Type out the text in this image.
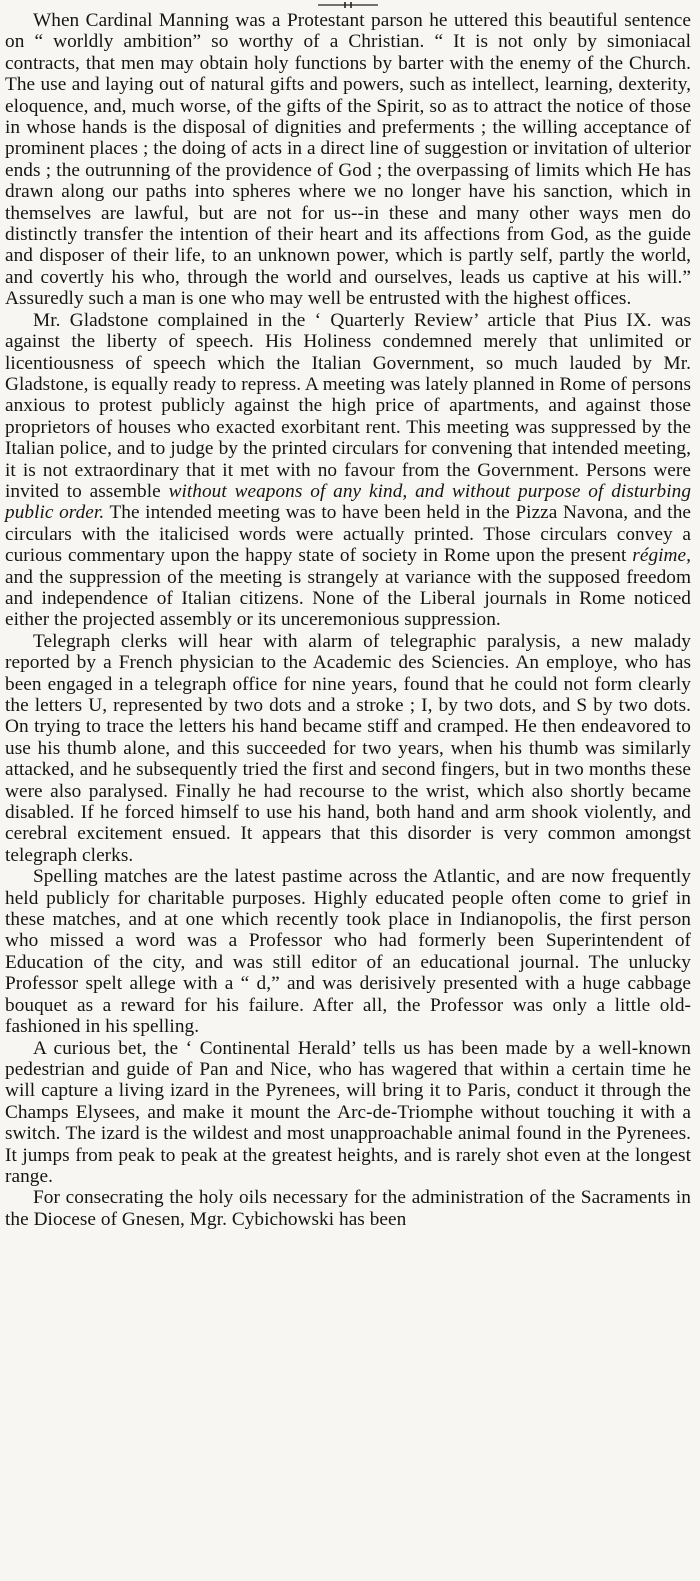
When Cardinal Manning was a Protestant parson he uttered this beautiful sentence on “ worldly ambition” so worthy of a Christian. “ It is not only by simoniacal contracts, that men may obtain holy functions by barter with the enemy of the Church. The use and laying out of natural gifts and powers, such as intellect, learning, dexterity, eloquence, and, much worse, of the gifts of the Spirit, so as to attract the notice of those in whose hands is the disposal of dignities and preferments ; the willing acceptance of prominent places ; the doing of acts in a direct line of suggestion or invitation of ulterior ends ; the outrunning of the providence of God ; the overpassing of limits which He has drawn along our paths into spheres where we no longer have his sanction, which in themselves are lawful, but are not for us--in these and many other ways men do distinctly transfer the intention of their heart and its affections from God, as the guide and disposer of their life, to an unknown power, which is partly self, partly the world, and covertly his who, through the world and ourselves, leads us captive at his will.” Assuredly such a man is one who may well be entrusted with the highest offices.

Mr. Gladstone complained in the ‘ Quarterly Review’ article that Pius IX. was against the liberty of speech. His Holiness condemned merely that unlimited or licentiousness of speech which the Italian Government, so much lauded by Mr. Gladstone, is equally ready to repress. A meeting was lately planned in Rome of persons anxious to protest publicly against the high price of apartments, and against those proprietors of houses who exacted exorbitant rent. This meeting was suppressed by the Italian police, and to judge by the printed circulars for convening that intended meeting, it is not extraordinary that it met with no favour from the Government. Persons were invited to assemble without weapons of any kind, and without purpose of disturbing public order. The intended meeting was to have been held in the Pizza Navona, and the circulars with the italicised words were actually printed. Those circulars convey a curious commentary upon the happy state of society in Rome upon the present régime, and the suppression of the meeting is strangely at variance with the supposed freedom and independence of Italian citizens. None of the Liberal journals in Rome noticed either the projected assembly or its unceremonious suppression.

Telegraph clerks will hear with alarm of telegraphic paralysis, a new malady reported by a French physician to the Academic des Sciencies. An employe, who has been engaged in a telegraph office for nine years, found that he could not form clearly the letters U, represented by two dots and a stroke ; I, by two dots, and S by two dots. On trying to trace the letters his hand became stiff and cramped. He then endeavored to use his thumb alone, and this succeeded for two years, when his thumb was similarly attacked, and he subsequently tried the first and second fingers, but in two months these were also paralysed. Finally he had recourse to the wrist, which also shortly became disabled. If he forced himself to use his hand, both hand and arm shook violently, and cerebral excitement ensued. It appears that this disorder is very common amongst telegraph clerks.

Spelling matches are the latest pastime across the Atlantic, and are now frequently held publicly for charitable purposes. Highly educated people often come to grief in these matches, and at one which recently took place in Indianopolis, the first person who missed a word was a Professor who had formerly been Superintendent of Education of the city, and was still editor of an educational journal. The unlucky Professor spelt allege with a “ d,” and was derisively presented with a huge cabbage bouquet as a reward for his failure. After all, the Professor was only a little old-fashioned in his spelling.

A curious bet, the ‘ Continental Herald’ tells us has been made by a well-known pedestrian and guide of Pan and Nice, who has wagered that within a certain time he will capture a living izard in the Pyrenees, will bring it to Paris, conduct it through the Champs Elysees, and make it mount the Arc-de-Triomphe without touching it with a switch. The izard is the wildest and most unapproachable animal found in the Pyrenees. It jumps from peak to peak at the greatest heights, and is rarely shot even at the longest range.

For consecrating the holy oils necessary for the administration of the Sacraments in the Diocese of Gnesen, Mgr. Cybichowski has been
